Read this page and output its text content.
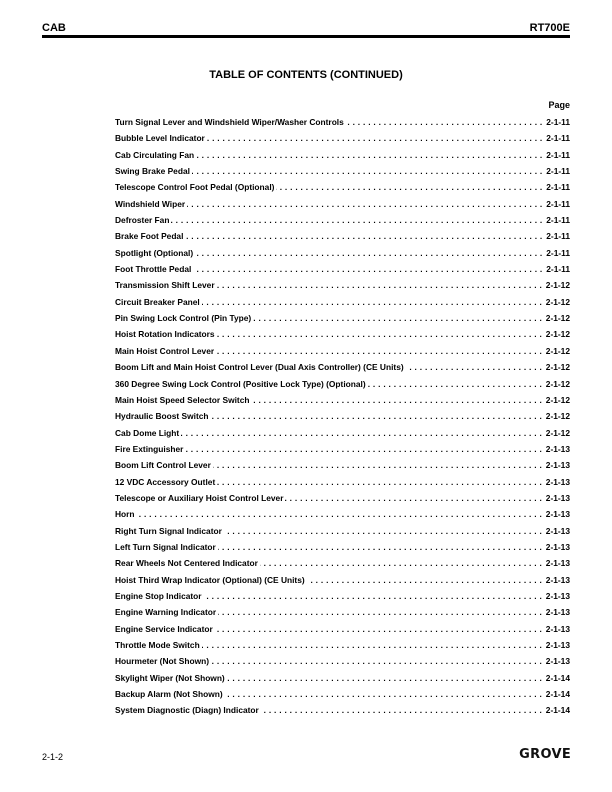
CAB	RT700E
TABLE OF CONTENTS (CONTINUED)
Page
Turn Signal Lever and Windshield Wiper/Washer Controls . . .	2-1-11
Bubble Level Indicator . . .	2-1-11
Cab Circulating Fan . . .	2-1-11
Swing Brake Pedal . . .	2-1-11
Telescope Control Foot Pedal (Optional) . . .	2-1-11
Windshield Wiper . . .	2-1-11
Defroster Fan . . .	2-1-11
Brake Foot Pedal . . .	2-1-11
Spotlight (Optional) . . .	2-1-11
Foot Throttle Pedal . . .	2-1-11
Transmission Shift Lever . . .	2-1-12
Circuit Breaker Panel . . .	2-1-12
Pin Swing Lock Control (Pin Type) . . .	2-1-12
Hoist Rotation Indicators . . .	2-1-12
Main Hoist Control Lever . . .	2-1-12
Boom Lift and Main Hoist Control Lever (Dual Axis Controller) (CE Units) . . .	2-1-12
360 Degree Swing Lock Control (Positive Lock Type) (Optional) . . .	2-1-12
Main Hoist Speed Selector Switch . . .	2-1-12
Hydraulic Boost Switch . . .	2-1-12
Cab Dome Light . . .	2-1-12
Fire Extinguisher . . .	2-1-13
Boom Lift Control Lever . . .	2-1-13
12 VDC Accessory Outlet . . .	2-1-13
Telescope or Auxiliary Hoist Control Lever . . .	2-1-13
Horn . . .	2-1-13
Right Turn Signal Indicator . . .	2-1-13
Left Turn Signal Indicator . . .	2-1-13
Rear Wheels Not Centered Indicator . . .	2-1-13
Hoist Third Wrap Indicator (Optional) (CE Units) . . .	2-1-13
Engine Stop Indicator . . .	2-1-13
Engine Warning Indicator . . .	2-1-13
Engine Service Indicator . . .	2-1-13
Throttle Mode Switch . . .	2-1-13
Hourmeter (Not Shown) . . .	2-1-13
Skylight Wiper (Not Shown) . . .	2-1-14
Backup Alarm (Not Shown) . . .	2-1-14
System Diagnostic (Diagn) Indicator . . .	2-1-14
2-1-2	GROVE
